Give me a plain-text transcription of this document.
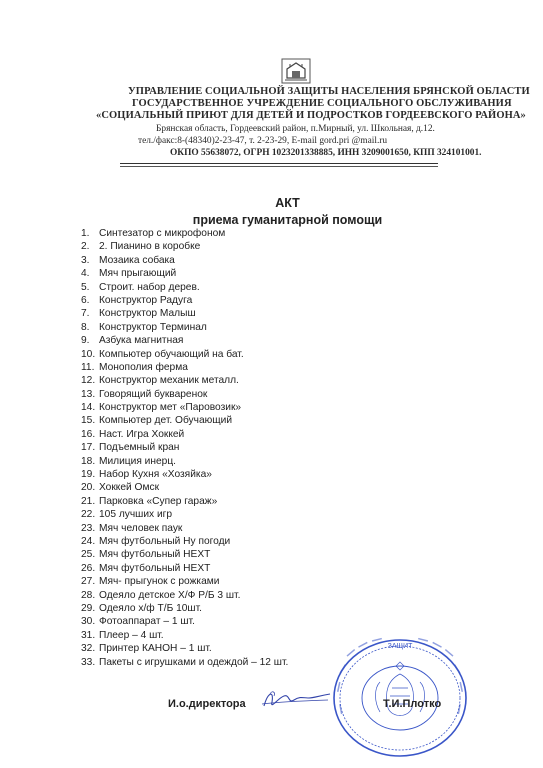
УПРАВЛЕНИЕ СОЦИАЛЬНОЙ ЗАЩИТЫ НАСЕЛЕНИЯ БРЯНСКОЙ ОБЛАСТИ
ГОСУДАРСТВЕННОЕ УЧРЕЖДЕНИЕ СОЦИАЛЬНОГО ОБСЛУЖИВАНИЯ
«СОЦИАЛЬНЫЙ ПРИЮТ ДЛЯ ДЕТЕЙ И ПОДРОСТКОВ ГОРДЕЕВСКОГО РАЙОНА»
Брянская область, Гордеевский район, п.Мирный, ул. Школьная, д.12.
тел./факс:8-(48340)2-23-47, т. 2-23-29, E-mail gord.pri @mail.ru
ОКПО 55638072, ОГРН 1023201338885, ИНН 3209001650, КПП 324101001.
АКТ
приема гуманитарной помощи
1. Синтезатор с микрофоном
2. 2. Пианино в коробке
3. Мозаика собака
4. Мяч прыгающий
5. Строит. набор дерев.
6. Конструктор Радуга
7. Конструктор Малыш
8. Конструктор Терминал
9. Азбука магнитная
10. Компьютер обучающий на бат.
11. Монополия ферма
12. Конструктор механик металл.
13. Говорящий букваренок
14. Конструктор мет «Паровозик»
15. Компьютер дет. Обучающий
16. Наст. Игра Хоккей
17. Подъемный кран
18. Милиция инерц.
19. Набор Кухня «Хозяйка»
20. Хоккей Омск
21. Парковка «Супер гараж»
22. 105 лучших игр
23.Мяч человек паук
24. Мяч футбольный Ну погоди
25. Мяч футбольный НЕХТ
26. Мяч футбольный НЕХТ
27. Мяч- прыгунок с рожками
28. Одеяло детское Х/Ф Р/Б 3 шт.
29. Одеяло х/ф Т/Б 10шт.
30. Фотоаппарат – 1 шт.
31. Плеер – 4 шт.
32. Принтер КАНОН – 1 шт.
33. Пакеты с игрушками и одеждой – 12 шт.
И.о.директора
ЗАЩИТ
Т.И.Плотко
